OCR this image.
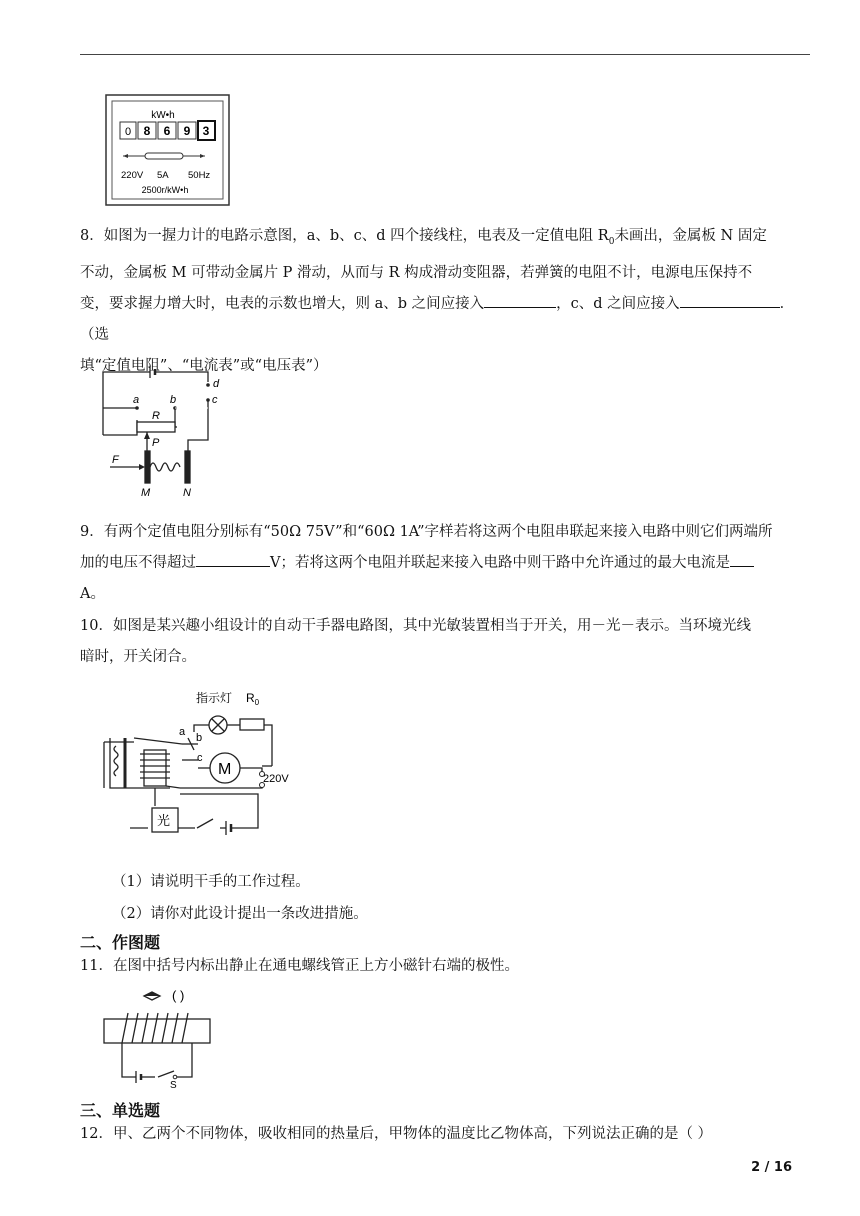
kW•h
0 8 6 9 3
220V 5A 50Hz
2500r/kW•h
8．如图为一握力计的电路示意图，a、b、c、d 四个接线柱，电表及一定值电阻 $R_0$未画出，金属板 N 固定
不动，金属板 M 可带动金属片 P 滑动，从而与 R 构成滑动变阻器，若弹簧的电阻不计，电源电压保持不
变，要求握力增大时，电表的示数也增大，则 a、b 之间应接入	，c、d 之间应接入	．（选
填“定值电阻”、“电流表”或“电压表”）
d
c
a	b
R
P
F
M	N
9．有两个定值电阻分别标有“50Ω 75V”和“60Ω 1A”字样若将这两个电阻串联起来接入电路中则它们两端所
加的电压不得超过	V；若将这两个电阻并联起来接入电路中则干路中允许通过的最大电流是
A。
10．如图是某兴趣小组设计的自动干手器电路图，其中光敏装置相当于开关，用－光－表示。当环境光线
暗时，开关闭合。
指示灯 $R_0$
a b
c
M
220V
光
（1）请说明干手的工作过程。
（2）请你对此设计提出一条改进措施。
二、作图题
11．在图中括号内标出静止在通电螺线管正上方小磁针右端的极性。
( )
S
三、单选题
12．甲、乙两个不同物体，吸收相同的热量后，甲物体的温度比乙物体高，下列说法正确的是（ ）
2 / 16
